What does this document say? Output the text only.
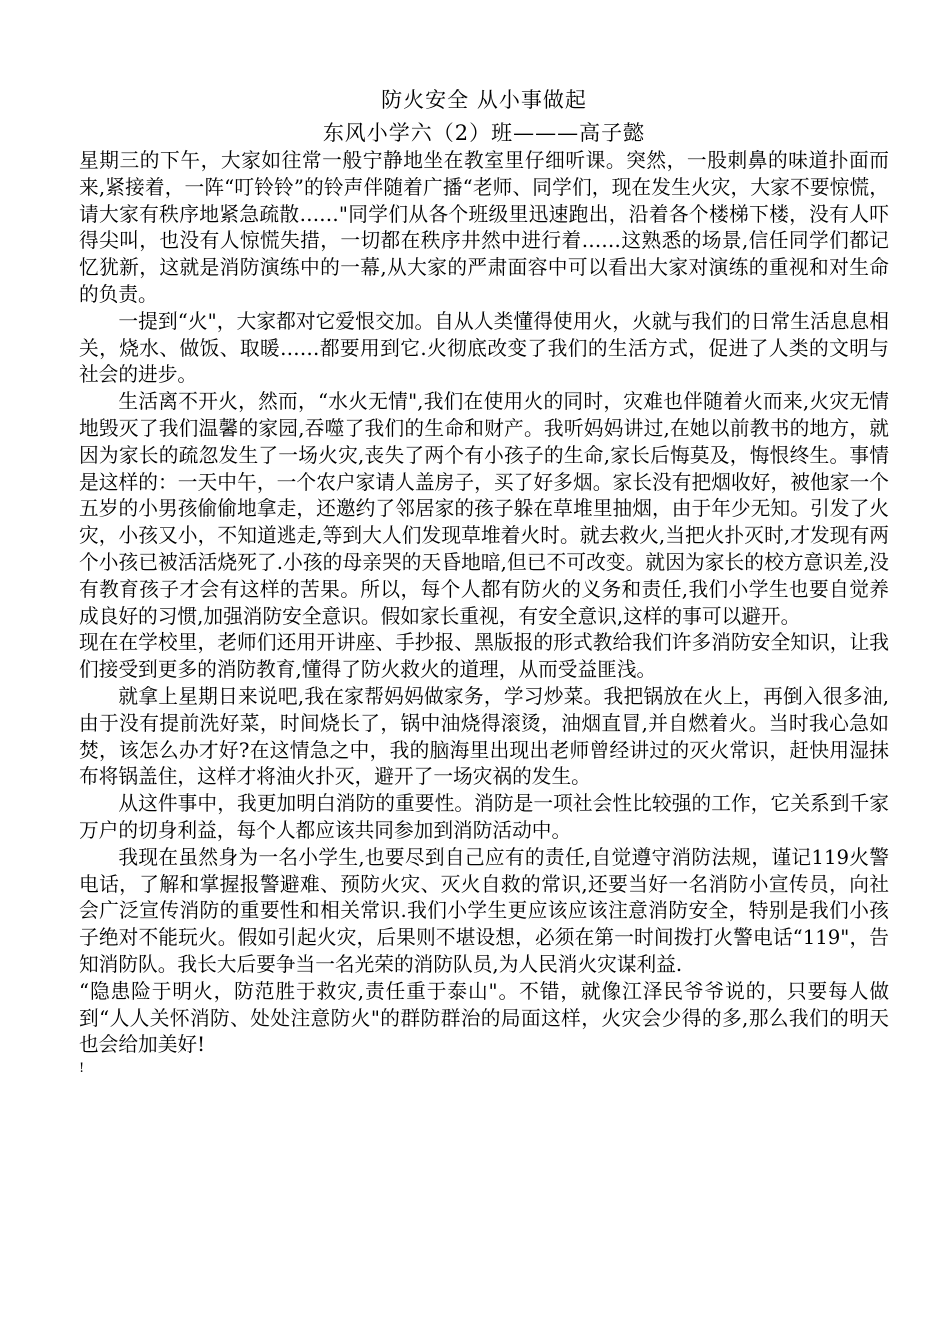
防火安全 从小事做起

东风小学六（2）班———高子懿

星期三的下午，大家如往常一般宁静地坐在教室里仔细听课。突然，一股刺鼻的味道扑面而来,紧接着，一阵“叮铃铃”的铃声伴随着广播“老师、同学们，现在发生火灾，大家不要惊慌，请大家有秩序地紧急疏散……"同学们从各个班级里迅速跑出，沿着各个楼梯下楼，没有人吓得尖叫，也没有人惊慌失措，一切都在秩序井然中进行着……这熟悉的场景,信任同学们都记忆犹新，这就是消防演练中的一幕,从大家的严肃面容中可以看出大家对演练的重视和对生命的负责。

一提到“火"，大家都对它爱恨交加。自从人类懂得使用火，火就与我们的日常生活息息相关，烧水、做饭、取暖……都要用到它.火彻底改变了我们的生活方式，促进了人类的文明与社会的进步。

生活离不开火，然而，“水火无情",我们在使用火的同时，灾难也伴随着火而来,火灾无情地毁灭了我们温馨的家园,吞噬了我们的生命和财产。我听妈妈讲过,在她以前教书的地方，就因为家长的疏忽发生了一场火灾,丧失了两个有小孩子的生命,家长后悔莫及，悔恨终生。事情是这样的：一天中午，一个农户家请人盖房子，买了好多烟。家长没有把烟收好，被他家一个五岁的小男孩偷偷地拿走，还邀约了邻居家的孩子躲在草堆里抽烟，由于年少无知。引发了火灾，小孩又小，不知道逃走,等到大人们发现草堆着火时。就去救火,当把火扑灭时,才发现有两个小孩已被活活烧死了.小孩的母亲哭的天昏地暗,但已不可改变。就因为家长的校方意识差,没有教育孩子才会有这样的苦果。所以，每个人都有防火的义务和责任,我们小学生也要自觉养成良好的习惯,加强消防安全意识。假如家长重视，有安全意识,这样的事可以避开。

现在在学校里，老师们还用开讲座、手抄报、黑版报的形式教给我们许多消防安全知识，让我们接受到更多的消防教育,懂得了防火救火的道理，从而受益匪浅。

就拿上星期日来说吧,我在家帮妈妈做家务，学习炒菜。我把锅放在火上，再倒入很多油,由于没有提前洗好菜，时间烧长了，锅中油烧得滚烫，油烟直冒,并自燃着火。当时我心急如焚，该怎么办才好?在这情急之中，我的脑海里出现出老师曾经讲过的灭火常识，赶快用湿抹布将锅盖住，这样才将油火扑灭，避开了一场灾祸的发生。

从这件事中，我更加明白消防的重要性。消防是一项社会性比较强的工作，它关系到千家万户的切身利益，每个人都应该共同参加到消防活动中。

我现在虽然身为一名小学生,也要尽到自己应有的责任,自觉遵守消防法规，谨记119火警电话，了解和掌握报警避难、预防火灾、灭火自救的常识,还要当好一名消防小宣传员，向社会广泛宣传消防的重要性和相关常识.我们小学生更应该应该注意消防安全，特别是我们小孩子绝对不能玩火。假如引起火灾，后果则不堪设想，必须在第一时间拨打火警电话“119"，告知消防队。我长大后要争当一名光荣的消防队员,为人民消火灾谋利益.

“隐患险于明火，防范胜于救灾,责任重于泰山"。不错，就像江泽民爷爷说的，只要每人做到“人人关怀消防、处处注意防火"的群防群治的局面这样，火灾会少得的多,那么我们的明天也会给加美好!

!
